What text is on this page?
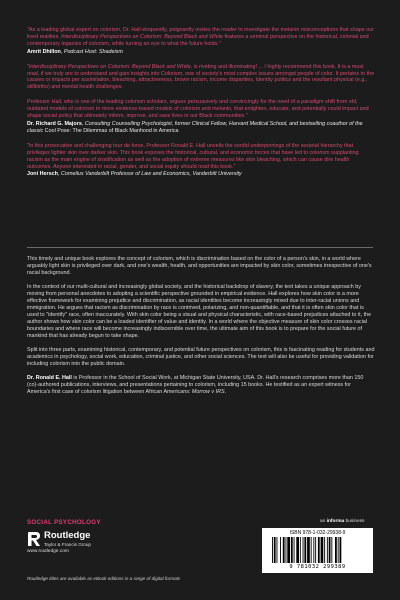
"As a leading global expert on colorism, Dr. Hall eloquently, poignantly invites the reader to investigate the melanin misconceptions that shape our lived realities. Interdisciplinary Perspectives on Colorism: Beyond Black and White features a seminal perspective on the historical, colonial and contemporary legacies of colorism, while turning an eye to what the future holds."
Amrit Dhillon, Podcast Host: Shadeism
"Interdisciplinary Perspectives on Colorism: Beyond Black and White, is riveting and illuminating! ... I highly recommend this book. It is a must read, if we truly are to understand and gain insights into Colorism, one of society's most complex issues amongst people of color. It pertains to the causes or impacts per assimilation, bleaching, attractiveness, brown racism, income disparities, identity politics and the resultant physical (e.g., stillbirths) and mental health challenges.
Professor Hall, who is one of the leading colorism scholars, argues persuasively and convincingly for the need of a paradigm shift from old, outdated models of colorism to more evidence-based models of colorism and melanin, that enlighten, educate, and potentially could impact and shape social policy that ultimately inform, improve, and save lives in our Black communities."
Dr. Richard G. Majors, Consulting Counselling Psychologist, former Clinical Fellow, Harvard Medical School, and bestselling coauthor of the classic Cool Pose: The Dilemmas of Black Manhood in America
"In this provocative and challenging tour de force, Professor Ronald E. Hall unveils the sordid underpinnings of the societal hierarchy that privileges lighter skin over darker skin. This book exposes the historical, cultural, and economic forces that have led to colorism supplanting racism as the main engine of stratification as well as the adoption of extreme measures like skin bleaching, which can cause dire health outcomes. Anyone interested in racial, gender, and social equity should read this book."
Joni Hersch, Cornelius Vanderbilt Professor of Law and Economics, Vanderbilt University

This timely and unique book explores the concept of colorism, which is discrimination based on the color of a person's skin, in a world where arguably light skin is privileged over dark, and one's wealth, health, and opportunities are impacted by skin color, sometimes irrespective of one's racial background.

In the context of our multi-cultural and increasingly global society, and the historical backdrop of slavery, the text takes a unique approach by moving from personal anecdotes to adopting a scientific perspective grounded in empirical evidence. Hall explores how skin color is a more effective framework for examining prejudice and discrimination, as racial identities become increasingly mixed due to inter-racial unions and immigration. He argues that racism as discrimination by race is contrived, polarizing, and non-quantifiable, and that it is often skin color that is used to "identify" race, often inaccurately. With skin color being a visual and physical characteristic, with race-based prejudices attached to it, the author shows how skin color can be a loaded identifier of value and identity. In a world where the objective measure of skin color crosses racial boundaries and where race will become increasingly indiscernible over time, the ultimate aim of this book is to prepare for the social future of mankind that has already begun to take shape.

Split into three parts, examining historical, contemporary, and potential future perspectives on colorism, this is fascinating reading for students and academics in psychology, social work, education, criminal justice, and other social sciences. The text will also be useful for providing validation for including colorism into the public domain.

Dr. Ronald E. Hall is Professor in the School of Social Work, at Michigan State University, USA. Dr. Hall's research comprises more than 150 (co)-authored publications, interviews, and presentations pertaining to colorism, including 15 books. He testified as an expert witness for America's first case of colorism litigation between African Americans: Morrow v IRS.

SOCIAL PSYCHOLOGY
Routledge
Taylor & Francis Group
www.routledge.com
Routledge titles are available as eBook editions in a range of digital formats
an informa business
ISBN 978-1-032-29938-9
9 781032 299389
